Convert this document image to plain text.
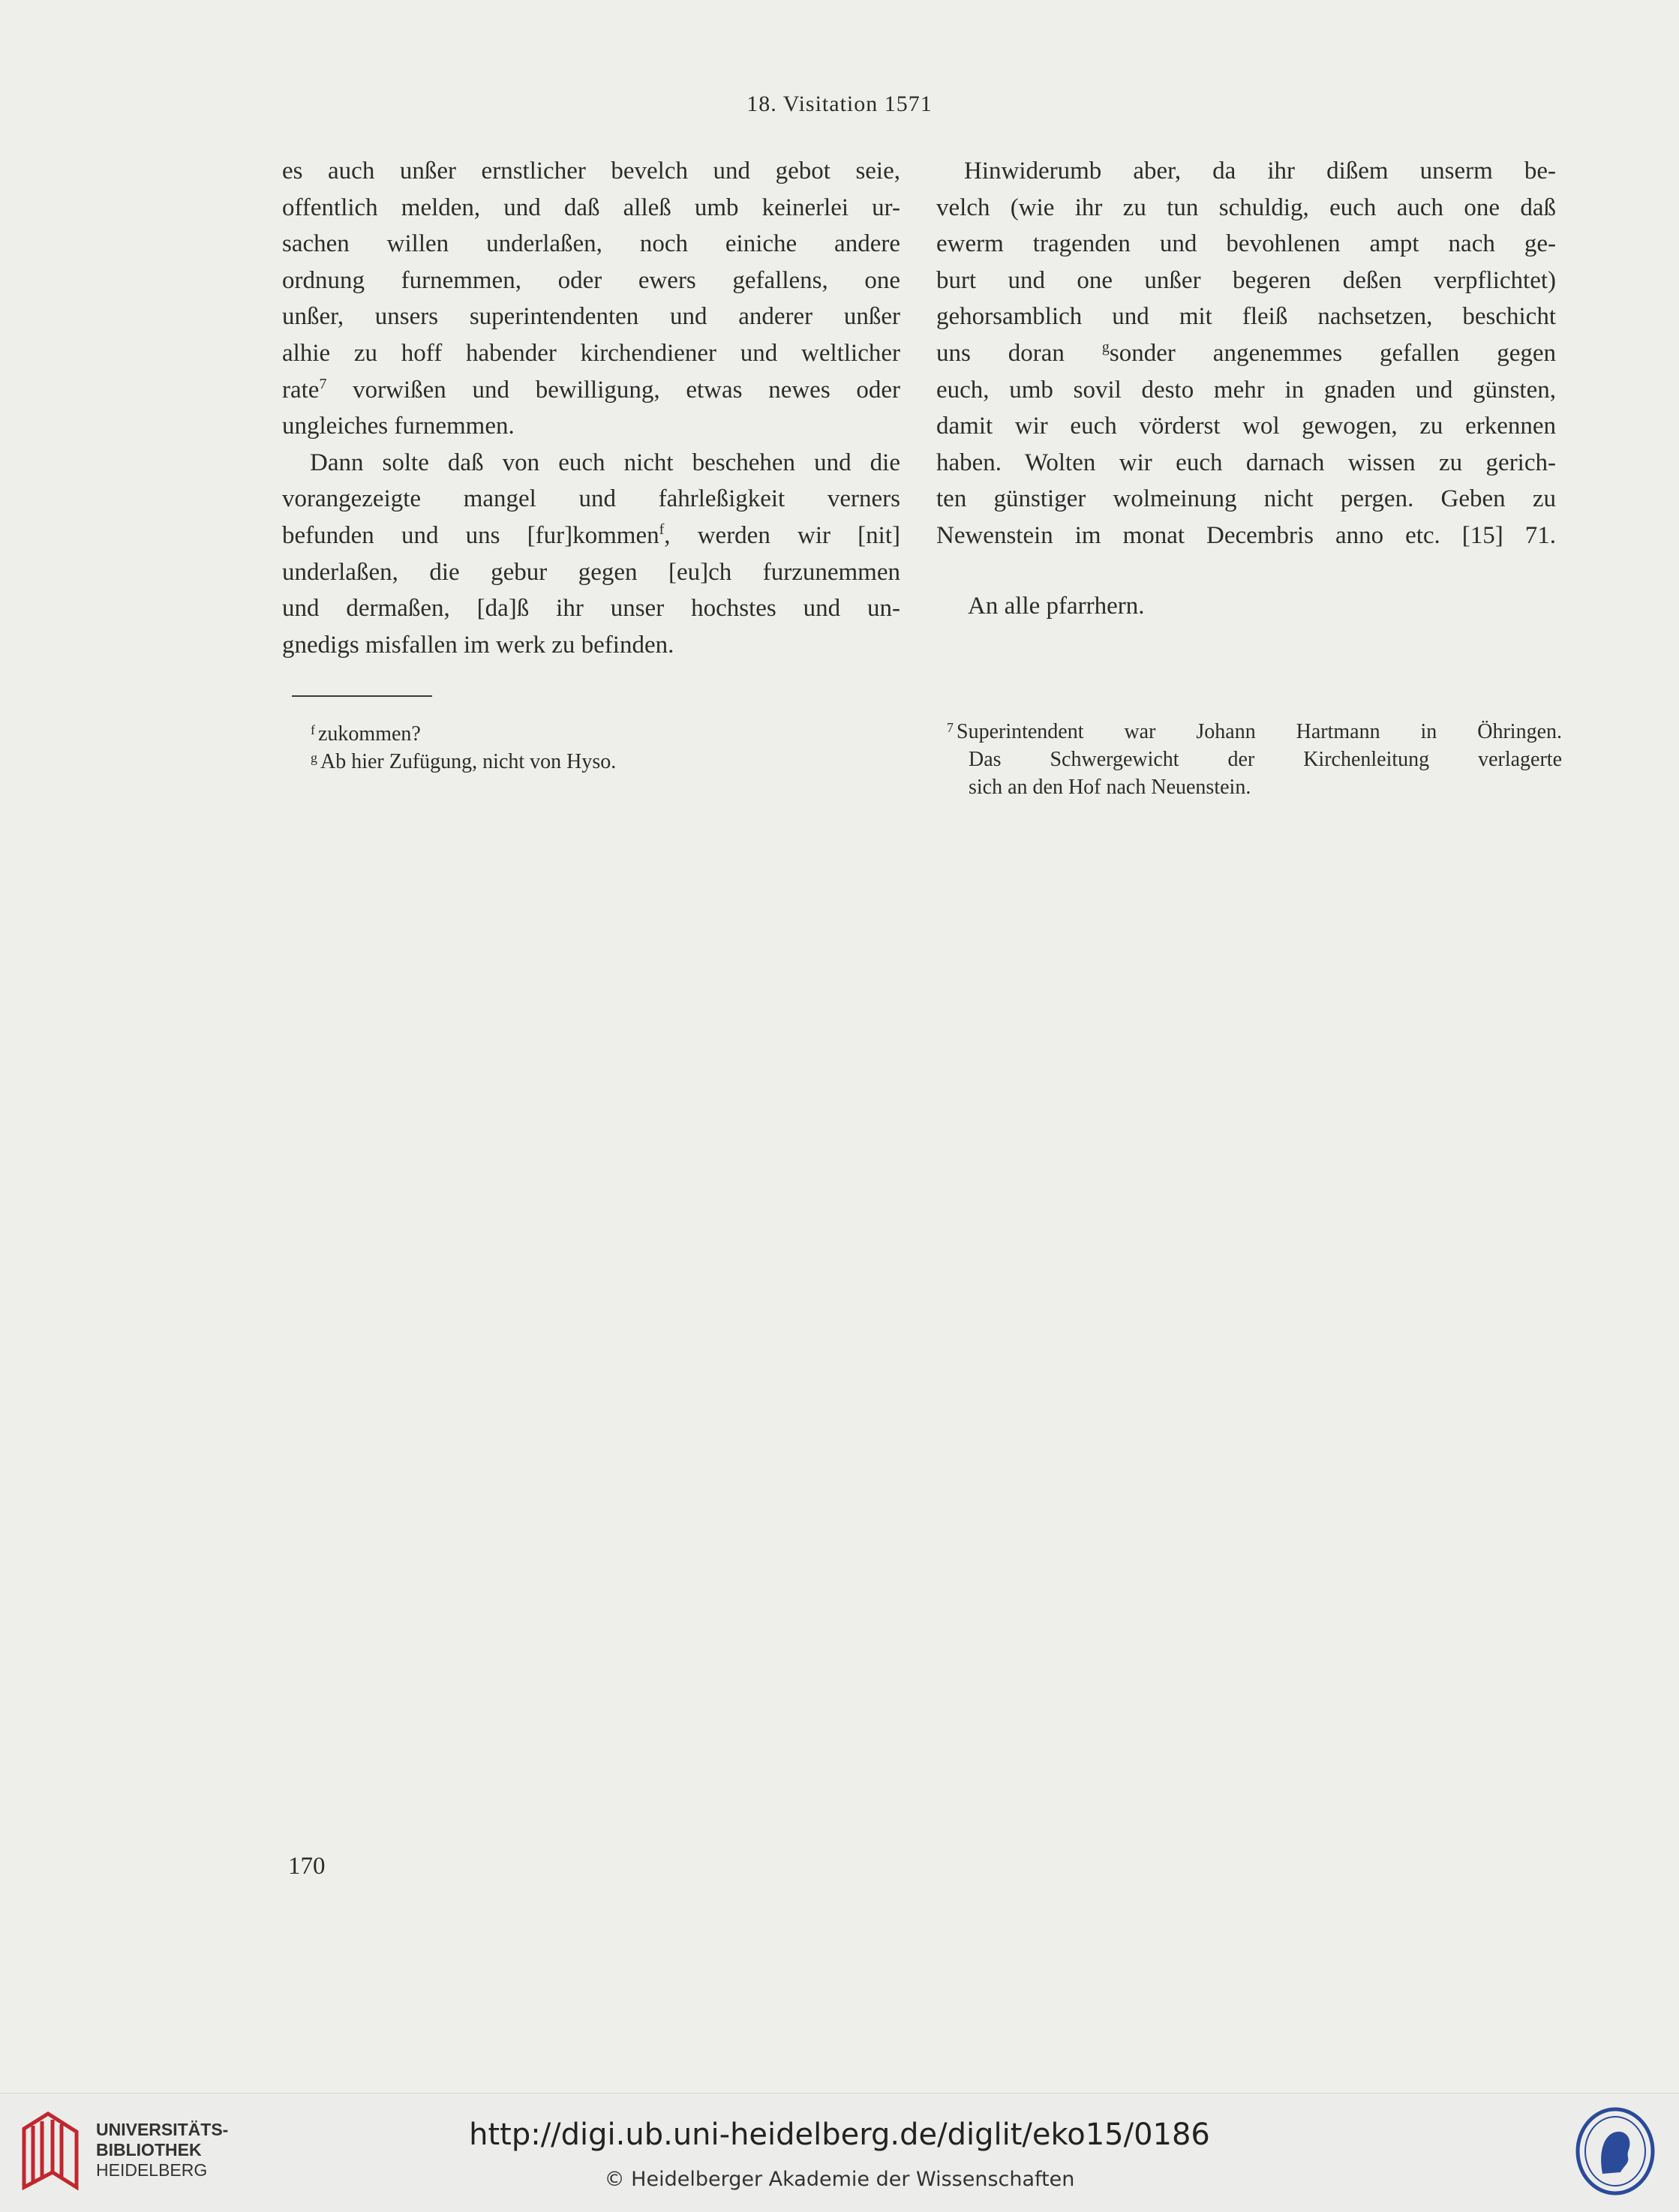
18. Visitation 1571
es auch unßer ernstlicher bevelch und gebot seie,
offentlich melden, und daß alleß umb keinerlei ur-
sachen willen underlaßen, noch einiche andere
ordnung furnemmen, oder ewers gefallens, one
unßer, unsers superintendenten und anderer unßer
alhie zu hoff habender kirchendiener und weltlicher
rate$^7$ vorwißen und bewilligung, etwas newes oder
ungleiches furnemmen.
Dann solte daß von euch nicht beschehen und die
vorangezeigte mangel und fahrleßigkeit verners
befunden und uns [fur]kommen$^f$, werden wir [nit]
underlaßen, die gebur gegen [eu]ch furzunemmen
und dermaßen, [da]ß ihr unser hochstes und un-
gnedigs misfallen im werk zu befinden.
Hinwiderumb aber, da ihr dißem unserm be-
velch (wie ihr zu tun schuldig, euch auch one daß
ewerm tragenden und bevohlenen ampt nach ge-
burt und one unßer begeren deßen verpflichtet)
gehorsamblich und mit fleiß nachsetzen, beschicht
uns doran $^g$sonder angenemmes gefallen gegen
euch, umb sovil desto mehr in gnaden und günsten,
damit wir euch vörderst wol gewogen, zu erkennen
haben. Wolten wir euch darnach wissen zu gerich-
ten günstiger wolmeinung nicht pergen. Geben zu
Newenstein im monat Decembris anno etc. [15] 71.
An alle pfarrhern.
$^f$ zukommen?
$^g$ Ab hier Zufügung, nicht von Hyso.
$^7$ Superintendent war Johann Hartmann in Öhringen.
Das Schwergewicht der Kirchenleitung verlagerte
sich an den Hof nach Neuenstein.
170
UNIVERSITÄTS-
BIBLIOTHEK
HEIDELBERG
http://digi.ub.uni-heidelberg.de/diglit/eko15/0186
© Heidelberger Akademie der Wissenschaften
